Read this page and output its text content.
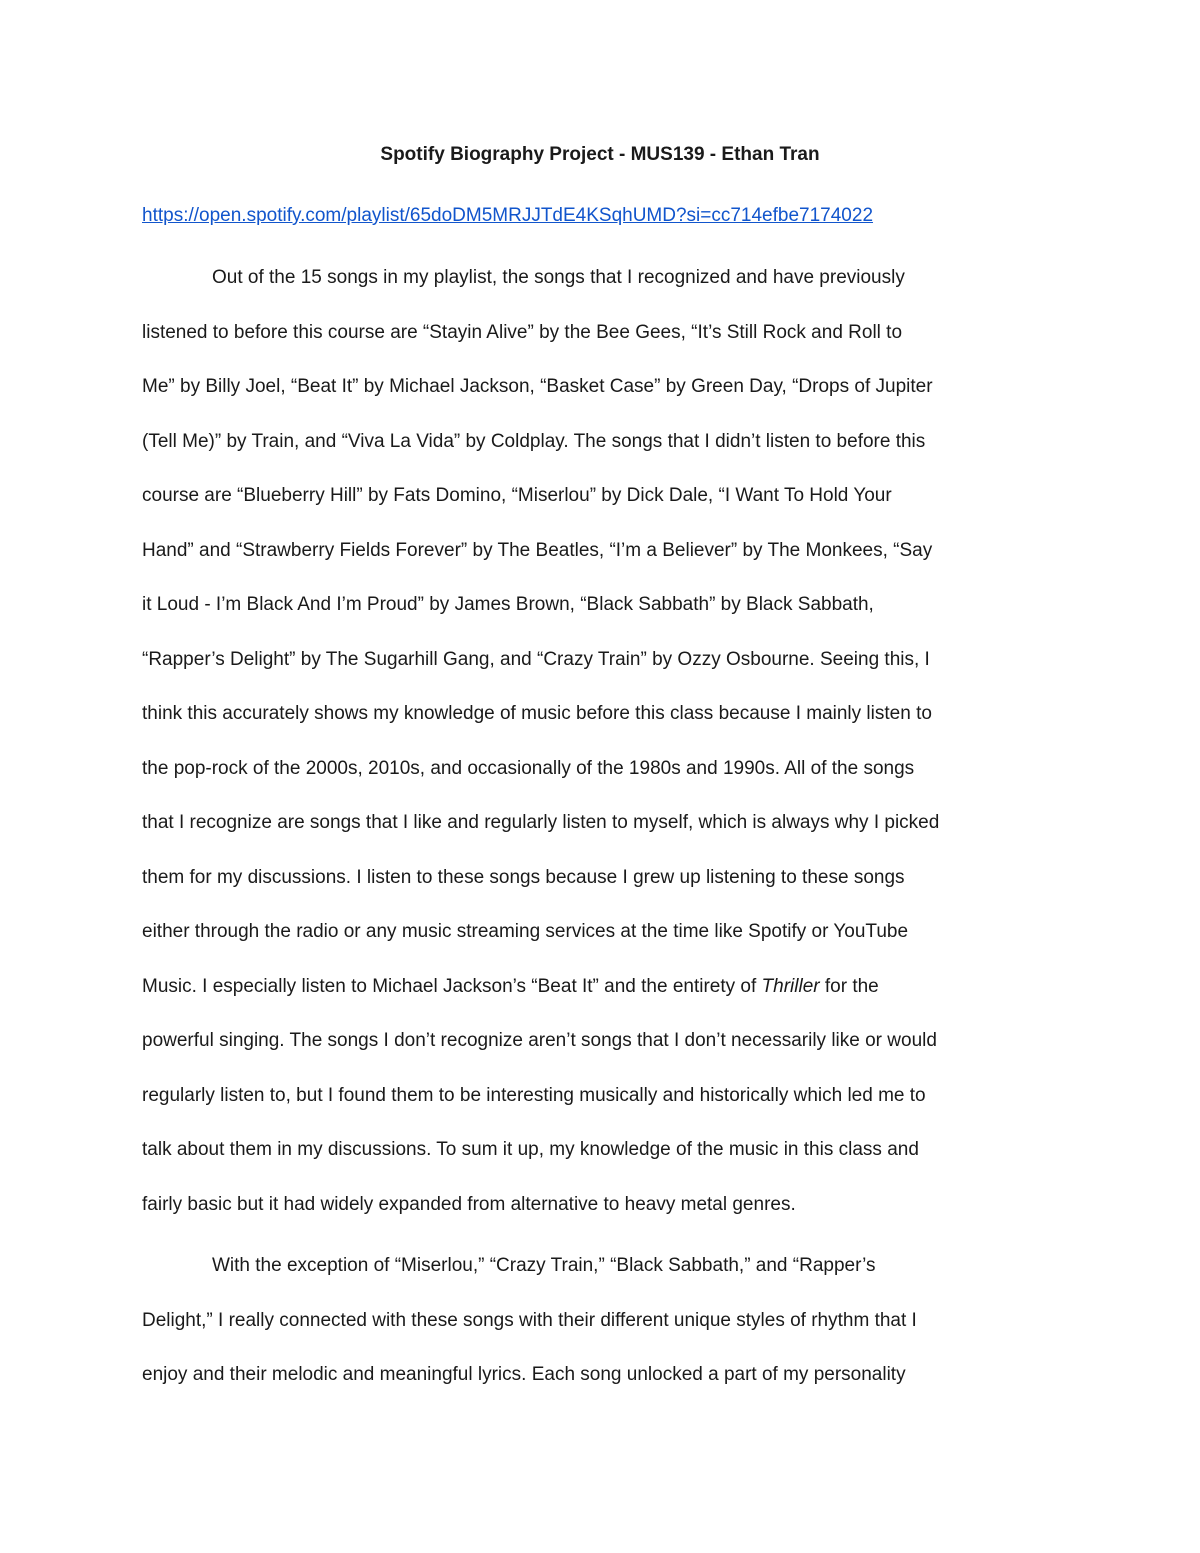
Spotify Biography Project - MUS139 - Ethan Tran

https://open.spotify.com/playlist/65doDM5MRJJTdE4KSqhUMD?si=cc714efbe7174022

Out of the 15 songs in my playlist, the songs that I recognized and have previously
listened to before this course are “Stayin Alive” by the Bee Gees, “It’s Still Rock and Roll to
Me” by Billy Joel, “Beat It” by Michael Jackson, “Basket Case” by Green Day, “Drops of Jupiter
(Tell Me)” by Train, and “Viva La Vida” by Coldplay. The songs that I didn’t listen to before this
course are “Blueberry Hill” by Fats Domino, “Miserlou” by Dick Dale, “I Want To Hold Your
Hand” and “Strawberry Fields Forever” by The Beatles, “I’m a Believer” by The Monkees, “Say
it Loud - I’m Black And I’m Proud” by James Brown, “Black Sabbath” by Black Sabbath,
“Rapper’s Delight” by The Sugarhill Gang, and “Crazy Train” by Ozzy Osbourne. Seeing this, I
think this accurately shows my knowledge of music before this class because I mainly listen to
the pop-rock of the 2000s, 2010s, and occasionally of the 1980s and 1990s. All of the songs
that I recognize are songs that I like and regularly listen to myself, which is always why I picked
them for my discussions. I listen to these songs because I grew up listening to these songs
either through the radio or any music streaming services at the time like Spotify or YouTube
Music. I especially listen to Michael Jackson’s “Beat It” and the entirety of Thriller for the
powerful singing. The songs I don’t recognize aren’t songs that I don’t necessarily like or would
regularly listen to, but I found them to be interesting musically and historically which led me to
talk about them in my discussions. To sum it up, my knowledge of the music in this class and
fairly basic but it had widely expanded from alternative to heavy metal genres.
With the exception of “Miserlou,” “Crazy Train,” “Black Sabbath,” and “Rapper’s
Delight,” I really connected with these songs with their different unique styles of rhythm that I
enjoy and their melodic and meaningful lyrics. Each song unlocked a part of my personality
